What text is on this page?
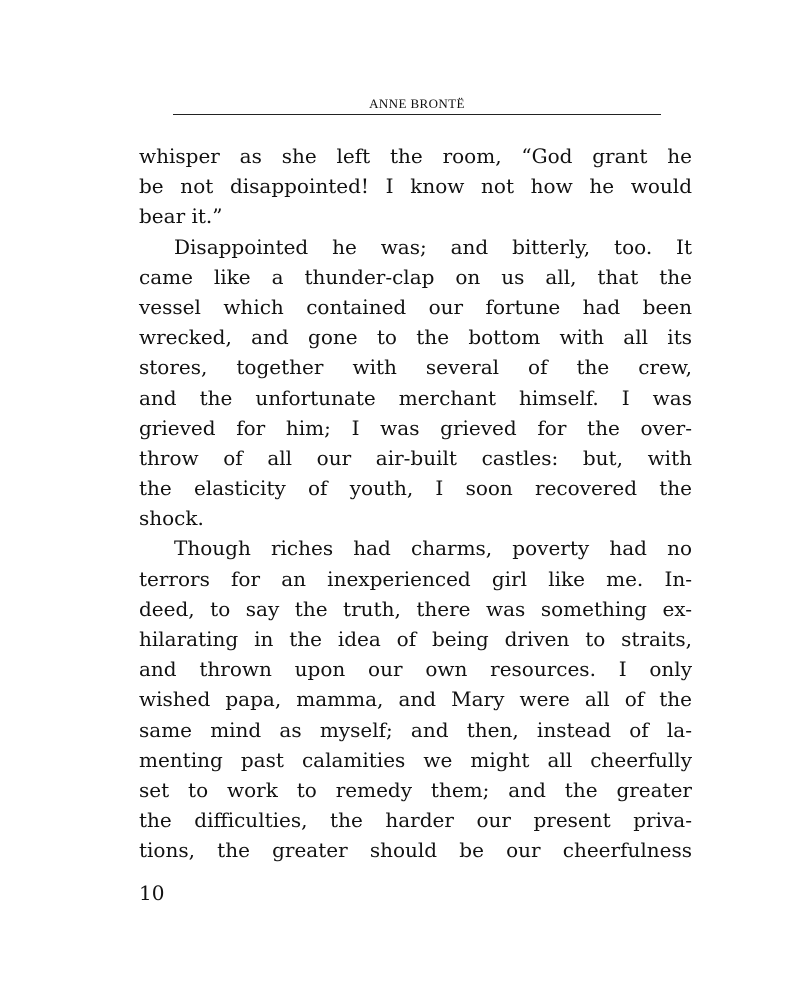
ANNE BRONTË
whisper as she left the room, “God grant he
be not disappointed! I know not how he would
bear it.”
Disappointed he was; and bitterly, too. It
came like a thunder-clap on us all, that the
vessel which contained our fortune had been
wrecked, and gone to the bottom with all its
stores, together with several of the crew,
and the unfortunate merchant himself. I was
grieved for him; I was grieved for the over-
throw of all our air-built castles: but, with
the elasticity of youth, I soon recovered the
shock.
Though riches had charms, poverty had no
terrors for an inexperienced girl like me. In-
deed, to say the truth, there was something ex-
hilarating in the idea of being driven to straits,
and thrown upon our own resources. I only
wished papa, mamma, and Mary were all of the
same mind as myself; and then, instead of la-
menting past calamities we might all cheerfully
set to work to remedy them; and the greater
the difficulties, the harder our present priva-
tions, the greater should be our cheerfulness
10
